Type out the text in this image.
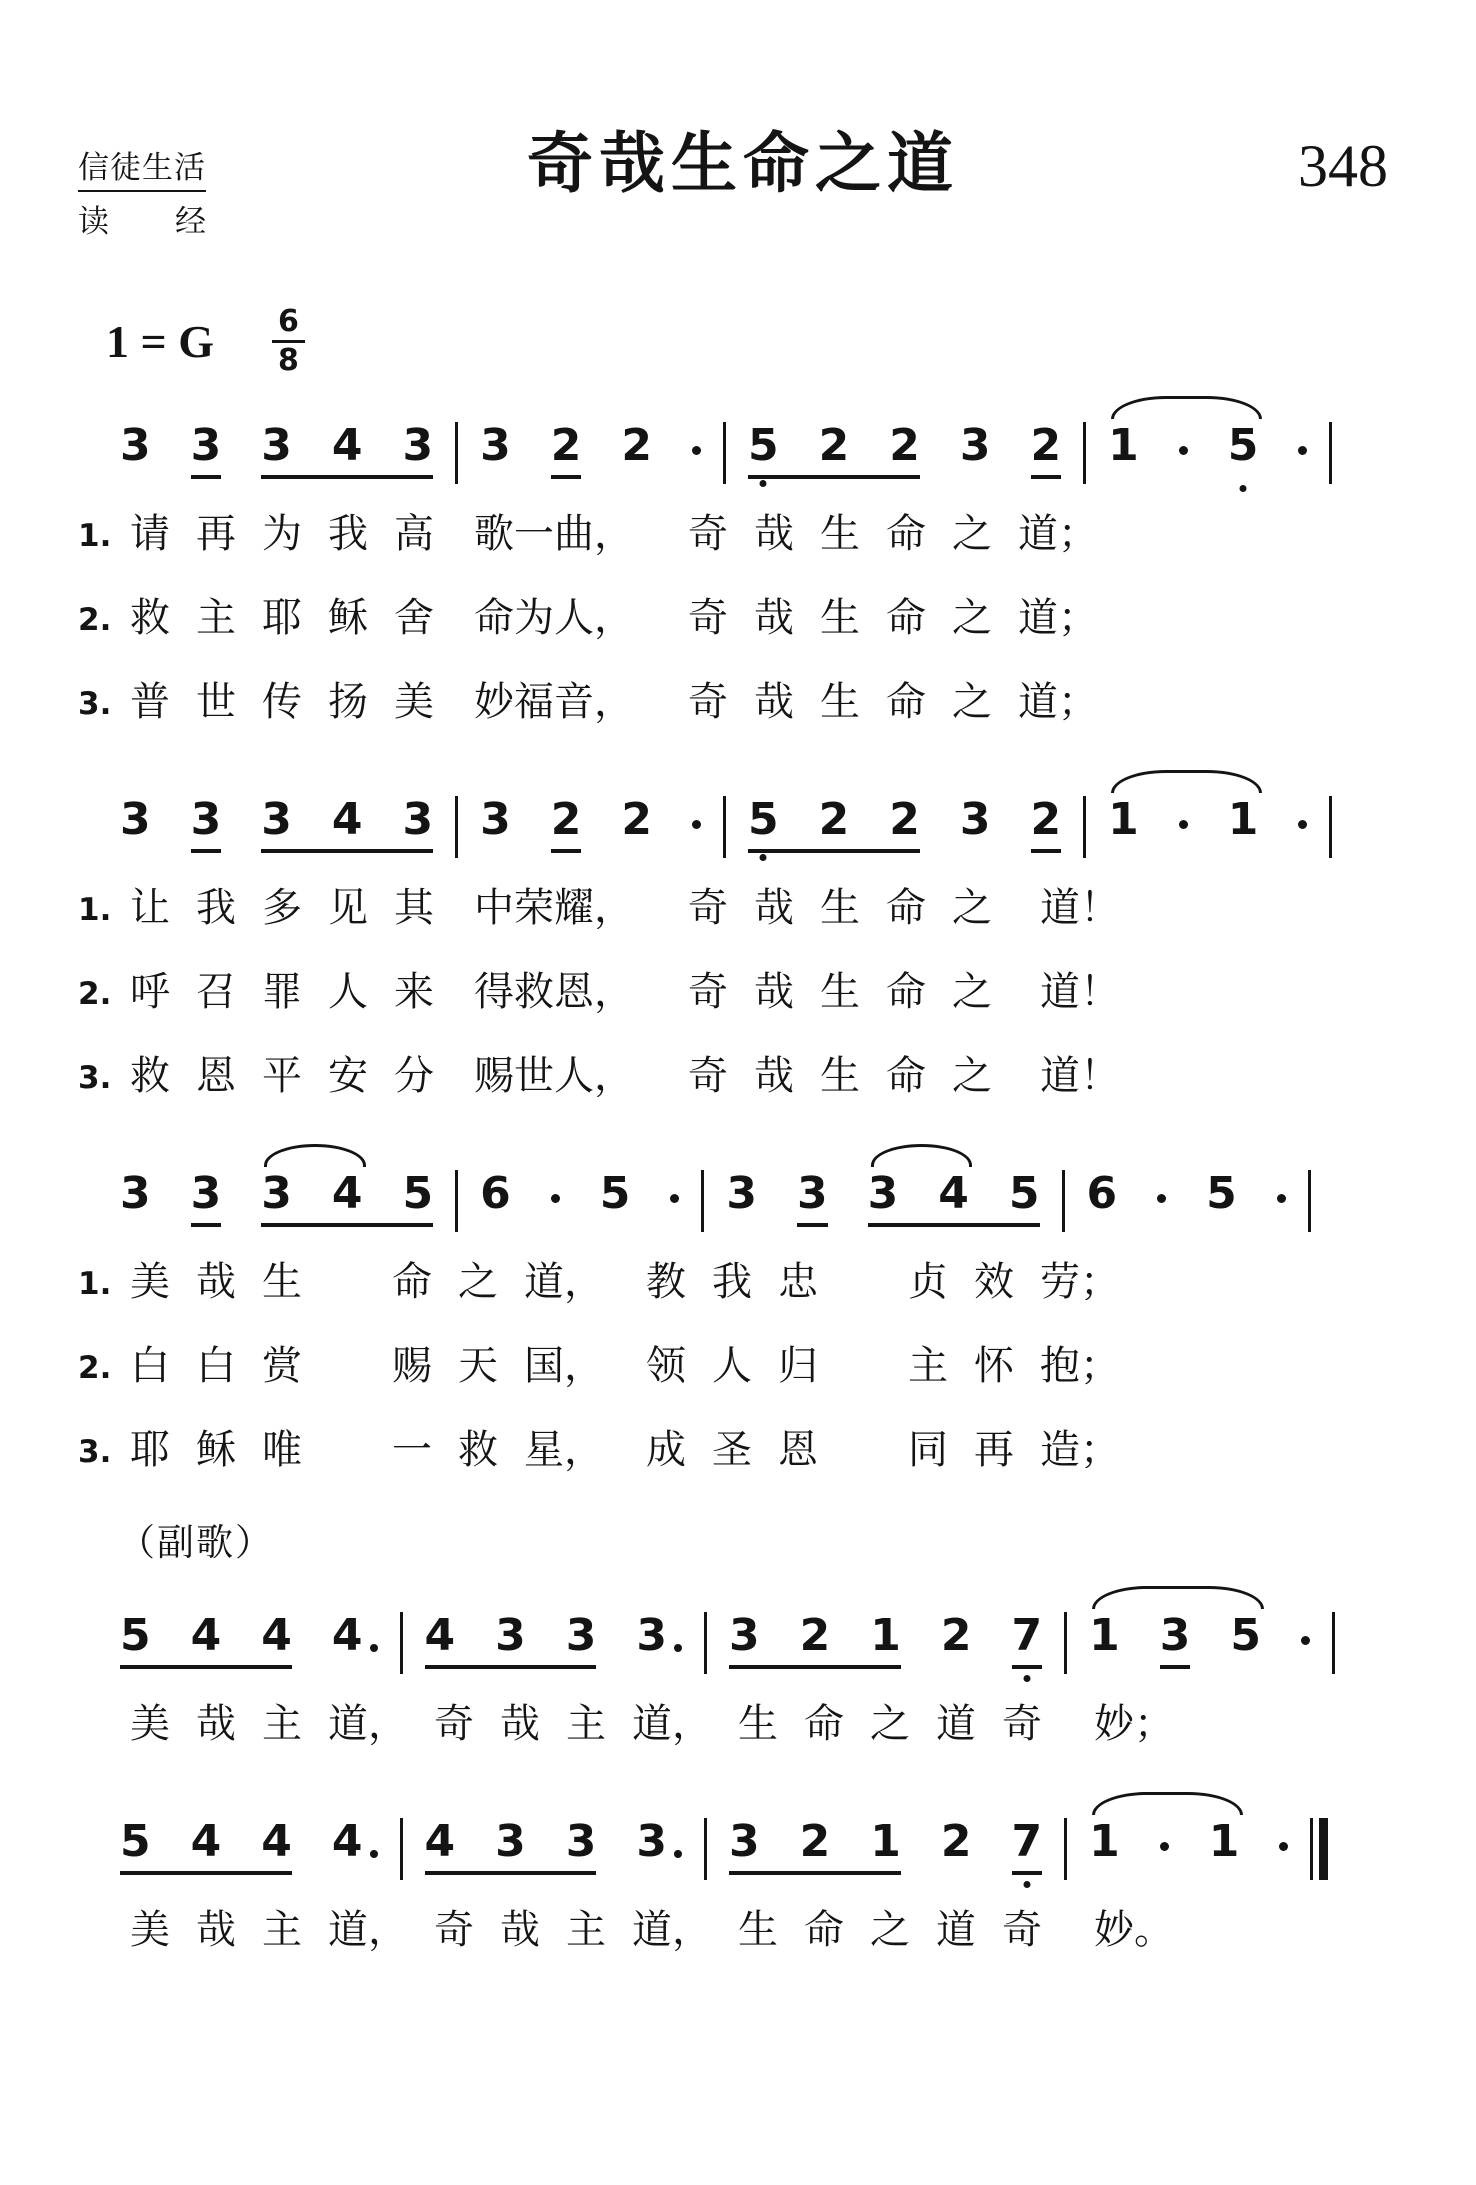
信徒生活
读 经
奇哉生命之道	348
1 = G $\frac{6}{8}$
3 3 3 4 3 3 2 2 5 2 2 3 2 1 5
1. 请 再 为 我 高 歌一曲， 奇 哉 生 命 之 道；
2. 救 主 耶 稣 舍 命为人， 奇 哉 生 命 之 道；
3. 普 世 传 扬 美 妙福音， 奇 哉 生 命 之 道；
3 3 3 4 3 3 2 2 5 2 2 3 2 1 1
1. 让 我 多 见 其 中荣耀， 奇 哉 生 命 之 道！
2. 呼 召 罪 人 来 得救恩， 奇 哉 生 命 之 道！
3. 救 恩 平 安 分 赐世人， 奇 哉 生 命 之 道！
3 3 3 4 5 6 5 3 3 3 4 5 6 5
1. 美 哉 生 命 之 道， 教 我 忠 贞 效 劳；
2. 白 白 赏 赐 天 国， 领 人 归 主 怀 抱；
3. 耶 稣 唯 一 救 星， 成 圣 恩 同 再 造；
（副歌）
5 4 4 4 4 3 3 3 3 2 1 2 7 1 3 5
美 哉 主 道， 奇 哉 主 道， 生 命 之 道 奇 妙；
5 4 4 4 4 3 3 3 3 2 1 2 7 1 1
美 哉 主 道， 奇 哉 主 道， 生 命 之 道 奇 妙。
